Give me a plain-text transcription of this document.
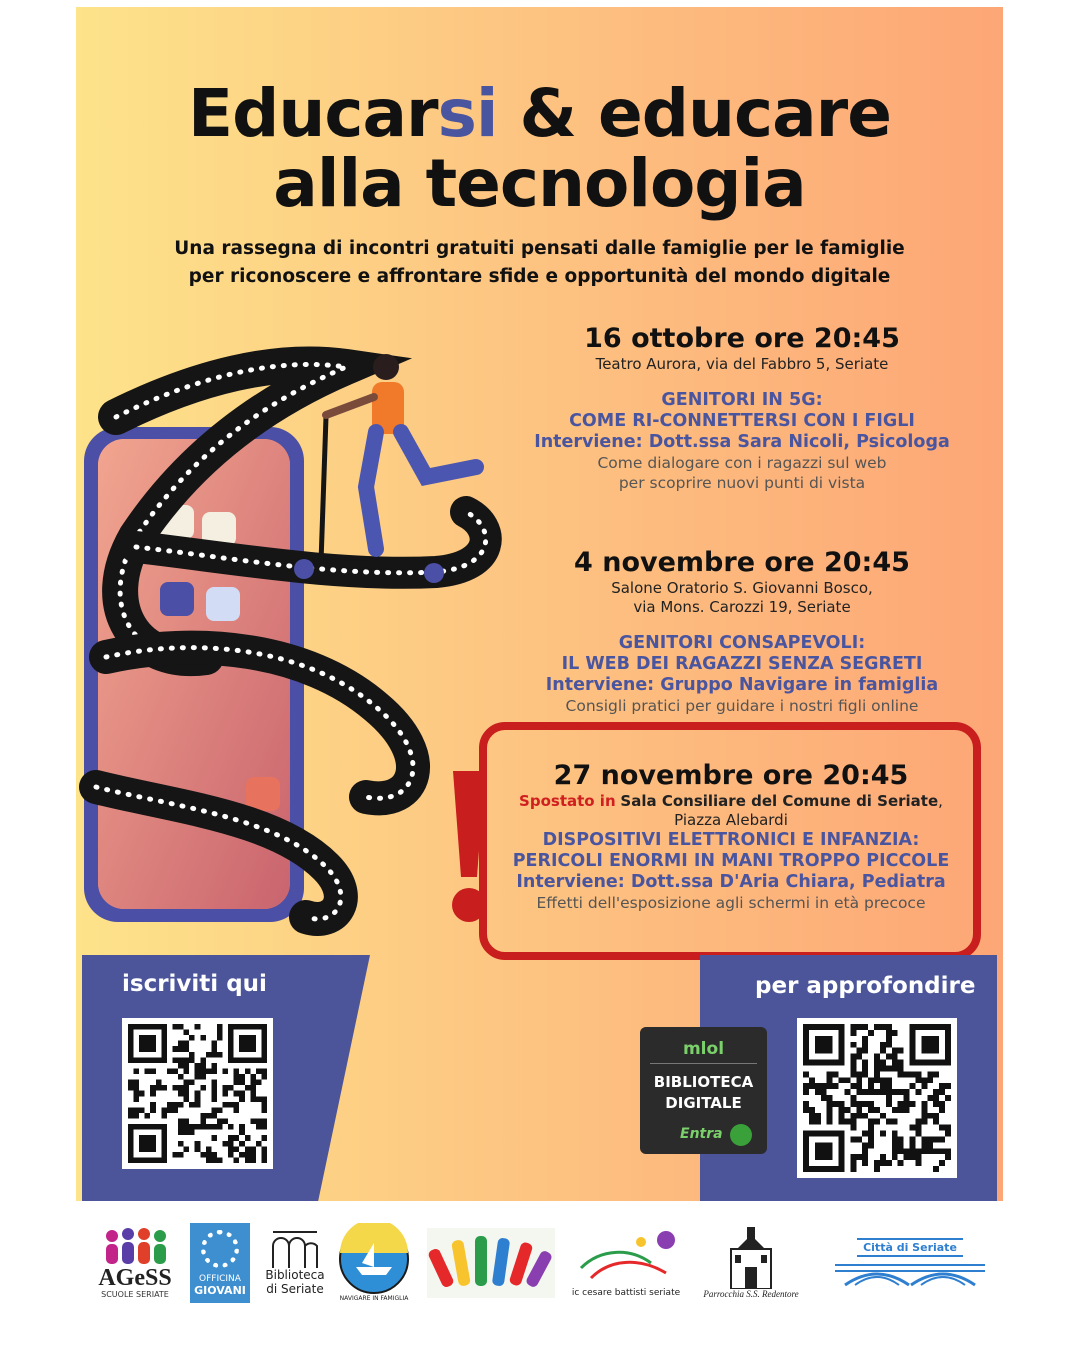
Educarsi & educare
alla tecnologia
Una rassegna di incontri gratuiti pensati dalle famiglie per le famiglie
per riconoscere e affrontare sfide e opportunità del mondo digitale
16 ottobre ore 20:45
Teatro Aurora, via del Fabbro 5, Seriate
GENITORI IN 5G:
COME RI-CONNETTERSI CON I FIGLI
Interviene: Dott.ssa Sara Nicoli, Psicologa
Come dialogare con i ragazzi sul web
per scoprire nuovi punti di vista
4 novembre ore 20:45
Salone Oratorio S. Giovanni Bosco,
via Mons. Carozzi 19, Seriate
GENITORI CONSAPEVOLI:
IL WEB DEI RAGAZZI SENZA SEGRETI
Interviene: Gruppo Navigare in famiglia
Consigli pratici per guidare i nostri figli online
27 novembre ore 20:45
Spostato in Sala Consiliare del Comune di Seriate,
Piazza Alebardi
DISPOSITIVI ELETTRONICI E INFANZIA:
PERICOLI ENORMI IN MANI TROPPO PICCOLE
Interviene: Dott.ssa D'Aria Chiara, Pediatra
Effetti dell'esposizione agli schermi in età precoce
iscriviti qui	per approfondire
mlol
BIBLIOTECA
DIGITALE
Entra
AGeSS
SCUOLE SERIATE
OFFICINA
GIOVANI
Biblioteca
di Seriate
NAVIGARE IN FAMIGLIA
ic cesare battisti seriate	Parrocchia S.S. Redentore
Città di Seriate
